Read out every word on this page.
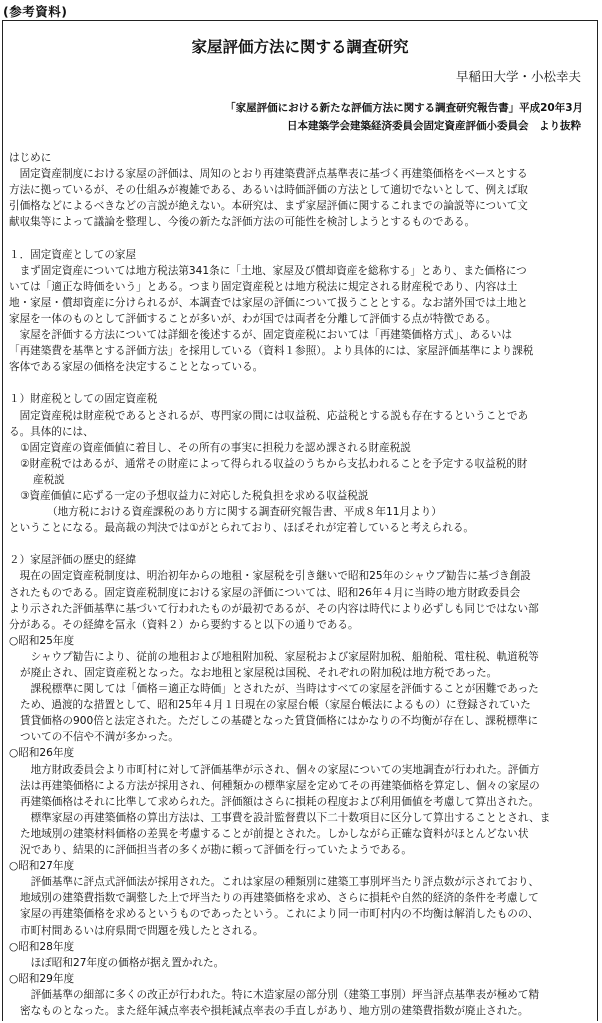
(参考資料)
家屋評価方法に関する調査研究
早稲田大学・小松幸夫
「家屋評価における新たな評価方法に関する調査研究報告書」平成20年3月
日本建築学会建築経済委員会固定資産評価小委員会　より抜粋

はじめに

　固定資産制度における家屋の評価は、周知のとおり再建築費評点基準表に基づく再建築価格をベースとする

方法に拠っているが、その仕組みが複雑である、あるいは時価評価の方法として適切でないとして、例えば取

引価格などによるべきなどの言説が絶えない。本研究は、まず家屋評価に関するこれまでの論説等について文

献収集等によって議論を整理し、今後の新たな評価方法の可能性を検討しようとするものである。

１．固定資産としての家屋

　まず固定資産については地方税法第341条に「土地、家屋及び償却資産を総称する」とあり、また価格につ

いては「適正な時価をいう」とある。つまり固定資産税とは地方税法に規定される財産税であり、内容は土

地・家屋・償却資産に分けられるが、本調査では家屋の評価について扱うこととする。なお諸外国では土地と

家屋を一体のものとして評価することが多いが、わが国では両者を分離して評価する点が特徴である。

　家屋を評価する方法については詳細を後述するが、固定資産税においては「再建築価格方式」、あるいは

「再建築費を基準とする評価方法」を採用している（資料１参照）。より具体的には、家屋評価基準により課税

客体である家屋の価格を決定することとなっている。

１）財産税としての固定資産税

　固定資産税は財産税であるとされるが、専門家の間には収益税、応益税とする説も存在するということであ

る。具体的には、

①固定資産の資産価値に着目し、その所有の事実に担税力を認め課される財産税説

②財産税ではあるが、通常その財産によって得られる収益のうちから支払われることを予定する収益税的財

産税説

③資産価値に応ずる一定の予想収益力に対応した税負担を求める収益税説

（地方税における資産課税のあり方に関する調査研究報告書、平成８年11月より）

ということになる。最高裁の判決では①がとられており、ほぼそれが定着していると考えられる。

２）家屋評価の歴史的経緯

　現在の固定資産税制度は、明治初年からの地租・家屋税を引き継いで昭和25年のシャウプ勧告に基づき創設

されたものである。固定資産税制度における家屋の評価については、昭和26年４月に当時の地方財政委員会

より示された評価基準に基づいて行われたものが最初であるが、その内容は時代により必ずしも同じではない部

分がある。その経緯を冨永（資料２）から要約すると以下の通りである。

○昭和25年度

　シャウプ勧告により、従前の地租および地租附加税、家屋税および家屋附加税、船舶税、電柱税、軌道税等

が廃止され、固定資産税となった。なお地租と家屋税は国税、それぞれの附加税は地方税であった。

　課税標準に関しては「価格＝適正な時価」とされたが、当時はすべての家屋を評価することが困難であった

ため、過渡的な措置として、昭和25年４月１日現在の家屋台帳（家屋台帳法によるもの）に登録されていた

賃貸価格の900倍と法定された。ただしこの基礎となった賃貸価格にはかなりの不均衡が存在し、課税標準に

ついての不信や不満が多かった。

○昭和26年度

　地方財政委員会より市町村に対して評価基準が示され、個々の家屋についての実地調査が行われた。評価方

法は再建築価格による方法が採用され、何種類かの標準家屋を定めてその再建築価格を算定し、個々の家屋の

再建築価格はそれに比準して求められた。評価額はさらに損耗の程度および利用価値を考慮して算出された。

　標準家屋の再建築価格の算出方法は、工事費を設計監督費以下二十数項目に区分して算出することとされ、ま

た地域別の建築材料価格の差異を考慮することが前提とされた。しかしながら正確な資料がほとんどない状

況であり、結果的に評価担当者の多くが勘に頼って評価を行っていたようである。

○昭和27年度

　評価基準に評点式評価法が採用された。これは家屋の種類別に建築工事別坪当たり評点数が示されており、

地域別の建築費指数で調整した上で坪当たりの再建築価格を求め、さらに損耗や自然的経済的条件を考慮して

家屋の再建築価格を求めるというものであったという。これにより同一市町村内の不均衡は解消したものの、

市町村間あるいは府県間で問題を残したとされる。

○昭和28年度

　ほぼ昭和27年度の価格が据え置かれた。

○昭和29年度

　評価基準の細部に多くの改正が行われた。特に木造家屋の部分別（建築工事別）坪当評点基準表が極めて精

密なものとなった。また経年減点率表や損耗減点率表の手直しがあり、地方別の建築費指数が廃止された。
